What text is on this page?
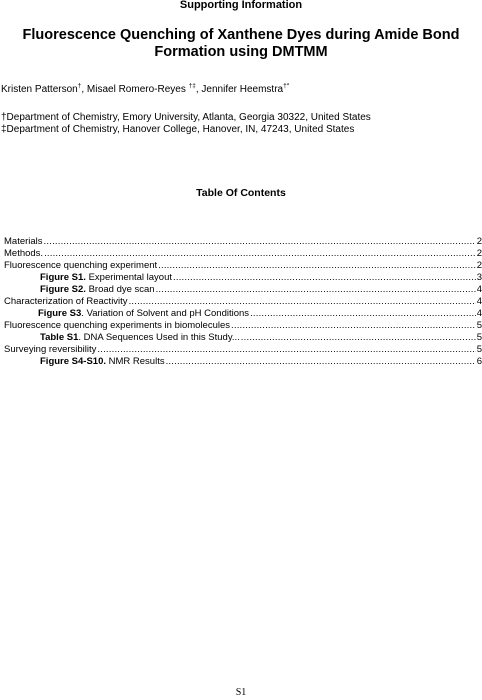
Supporting Information
Fluorescence Quenching of Xanthene Dyes during Amide Bond
Formation using DMTMM
Kristen Patterson†, Misael Romero-Reyes †‡, Jennifer Heemstra†*
†Department of Chemistry, Emory University, Atlanta, Georgia 30322, United States
‡Department of Chemistry, Hanover College, Hanover, IN, 47243, United States
Table Of Contents
Materials .....	2
Methods. .....	2
Fluorescence quenching experiment .....	2
Figure S1. Experimental layout .....	3
Figure S2. Broad dye scan .....	4
Characterization of Reactivity .....	4
Figure S3. Variation of Solvent and pH Conditions .....	4
Fluorescence quenching experiments in biomolecules .....	5
Table S1. DNA Sequences Used in this Study... .....	5
Surveying reversibility .....	5
Figure S4-S10. NMR Results .....	6
S1
